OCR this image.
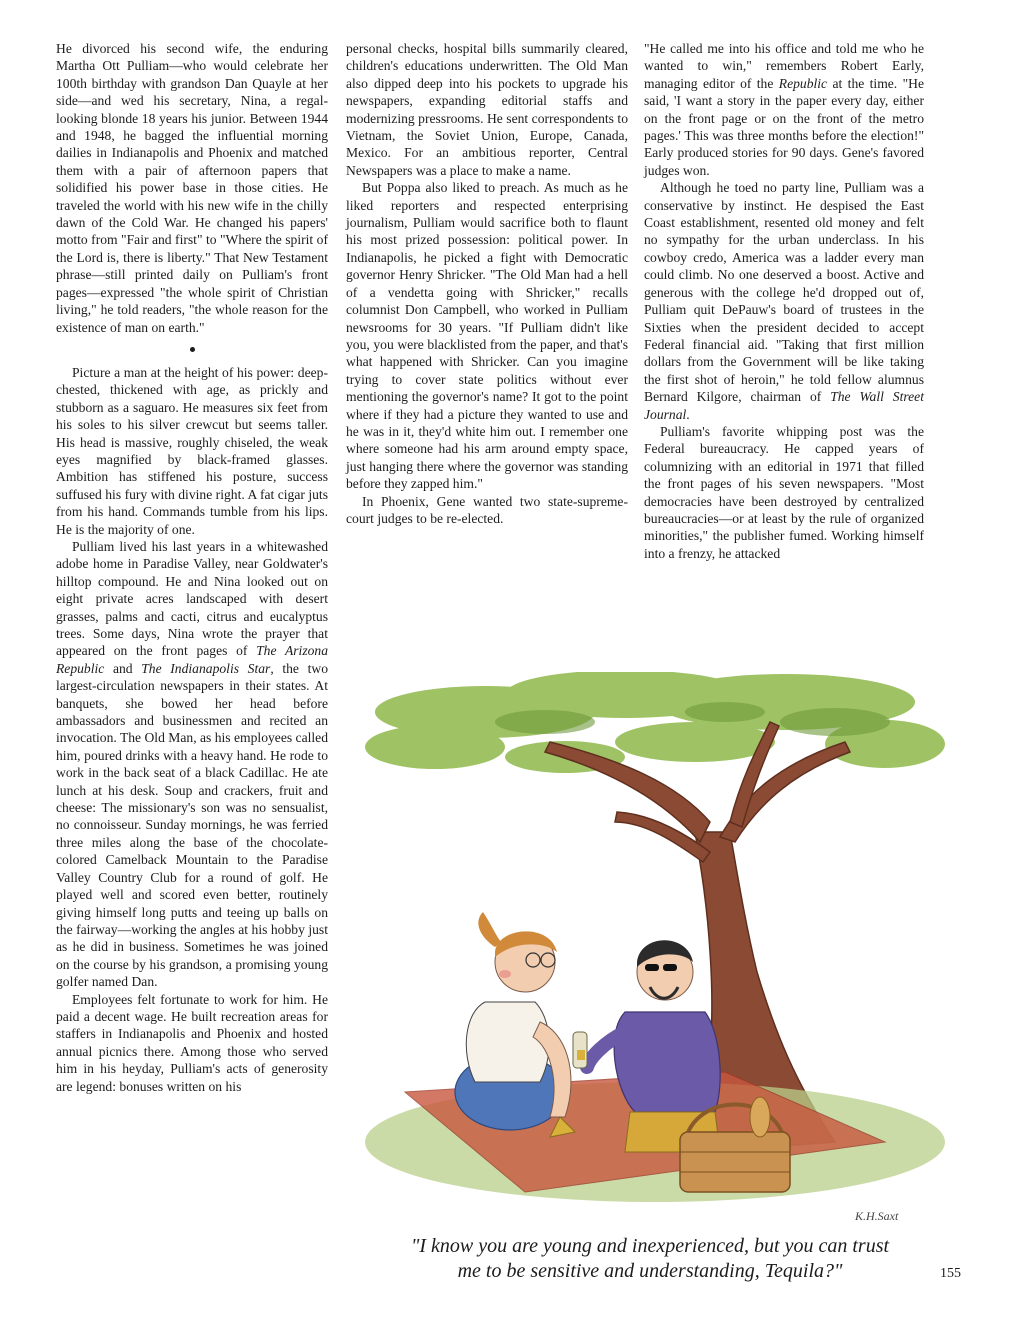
He divorced his second wife, the enduring Martha Ott Pulliam—who would celebrate her 100th birthday with grandson Dan Quayle at her side—and wed his secretary, Nina, a regal-looking blonde 18 years his junior. Between 1944 and 1948, he bagged the influential morning dailies in Indianapolis and Phoenix and matched them with a pair of afternoon papers that solidified his power base in those cities. He traveled the world with his new wife in the chilly dawn of the Cold War. He changed his papers' motto from "Fair and first" to "Where the spirit of the Lord is, there is liberty." That New Testament phrase—still printed daily on Pulliam's front pages—expressed "the whole spirit of Christian living," he told readers, "the whole reason for the existence of man on earth."

Picture a man at the height of his power: deep-chested, thickened with age, as prickly and stubborn as a saguaro. He measures six feet from his soles to his silver crewcut but seems taller. His head is massive, roughly chiseled, the weak eyes magnified by black-framed glasses. Ambition has stiffened his posture, success suffused his fury with divine right. A fat cigar juts from his hand. Commands tumble from his lips. He is the majority of one.

Pulliam lived his last years in a whitewashed adobe home in Paradise Valley, near Goldwater's hilltop compound. He and Nina looked out on eight private acres landscaped with desert grasses, palms and cacti, citrus and eucalyptus trees. Some days, Nina wrote the prayer that appeared on the front pages of The Arizona Republic and The Indianapolis Star, the two largest-circulation newspapers in their states. At banquets, she bowed her head before ambassadors and businessmen and recited an invocation. The Old Man, as his employees called him, poured drinks with a heavy hand. He rode to work in the back seat of a black Cadillac. He ate lunch at his desk. Soup and crackers, fruit and cheese: The missionary's son was no sensualist, no connoisseur. Sunday mornings, he was ferried three miles along the base of the chocolate-colored Camelback Mountain to the Paradise Valley Country Club for a round of golf. He played well and scored even better, routinely giving himself long putts and teeing up balls on the fairway—working the angles at his hobby just as he did in business. Sometimes he was joined on the course by his grandson, a promising young golfer named Dan.

Employees felt fortunate to work for him. He paid a decent wage. He built recreation areas for staffers in Indianapolis and Phoenix and hosted annual picnics there. Among those who served him in his heyday, Pulliam's acts of generosity are legend: bonuses written on his

personal checks, hospital bills summarily cleared, children's educations underwritten. The Old Man also dipped deep into his pockets to upgrade his newspapers, expanding editorial staffs and modernizing pressrooms. He sent correspondents to Vietnam, the Soviet Union, Europe, Canada, Mexico. For an ambitious reporter, Central Newspapers was a place to make a name.

But Poppa also liked to preach. As much as he liked reporters and respected enterprising journalism, Pulliam would sacrifice both to flaunt his most prized possession: political power. In Indianapolis, he picked a fight with Democratic governor Henry Shricker. "The Old Man had a hell of a vendetta going with Shricker," recalls columnist Don Campbell, who worked in Pulliam newsrooms for 30 years. "If Pulliam didn't like you, you were blacklisted from the paper, and that's what happened with Shricker. Can you imagine trying to cover state politics without ever mentioning the governor's name? It got to the point where if they had a picture they wanted to use and he was in it, they'd white him out. I remember one where someone had his arm around empty space, just hanging there where the governor was standing before they zapped him."

In Phoenix, Gene wanted two state-supreme-court judges to be re-elected.

"He called me into his office and told me who he wanted to win," remembers Robert Early, managing editor of the Republic at the time. "He said, 'I want a story in the paper every day, either on the front page or on the front of the metro pages.' This was three months before the election!" Early produced stories for 90 days. Gene's favored judges won.

Although he toed no party line, Pulliam was a conservative by instinct. He despised the East Coast establishment, resented old money and felt no sympathy for the urban underclass. In his cowboy credo, America was a ladder every man could climb. No one deserved a boost. Active and generous with the college he'd dropped out of, Pulliam quit DePauw's board of trustees in the Sixties when the president decided to accept Federal financial aid. "Taking that first million dollars from the Government will be like taking the first shot of heroin," he told fellow alumnus Bernard Kilgore, chairman of The Wall Street Journal.

Pulliam's favorite whipping post was the Federal bureaucracy. He capped years of columnizing with an editorial in 1971 that filled the front pages of his seven newspapers. "Most democracies have been destroyed by centralized bureaucracies—or at least by the rule of organized minorities," the publisher fumed. Working himself into a frenzy, he attacked

K.H.Saxt
"I know you are young and inexperienced, but you can trust
me to be sensitive and understanding, Tequila?"	155
